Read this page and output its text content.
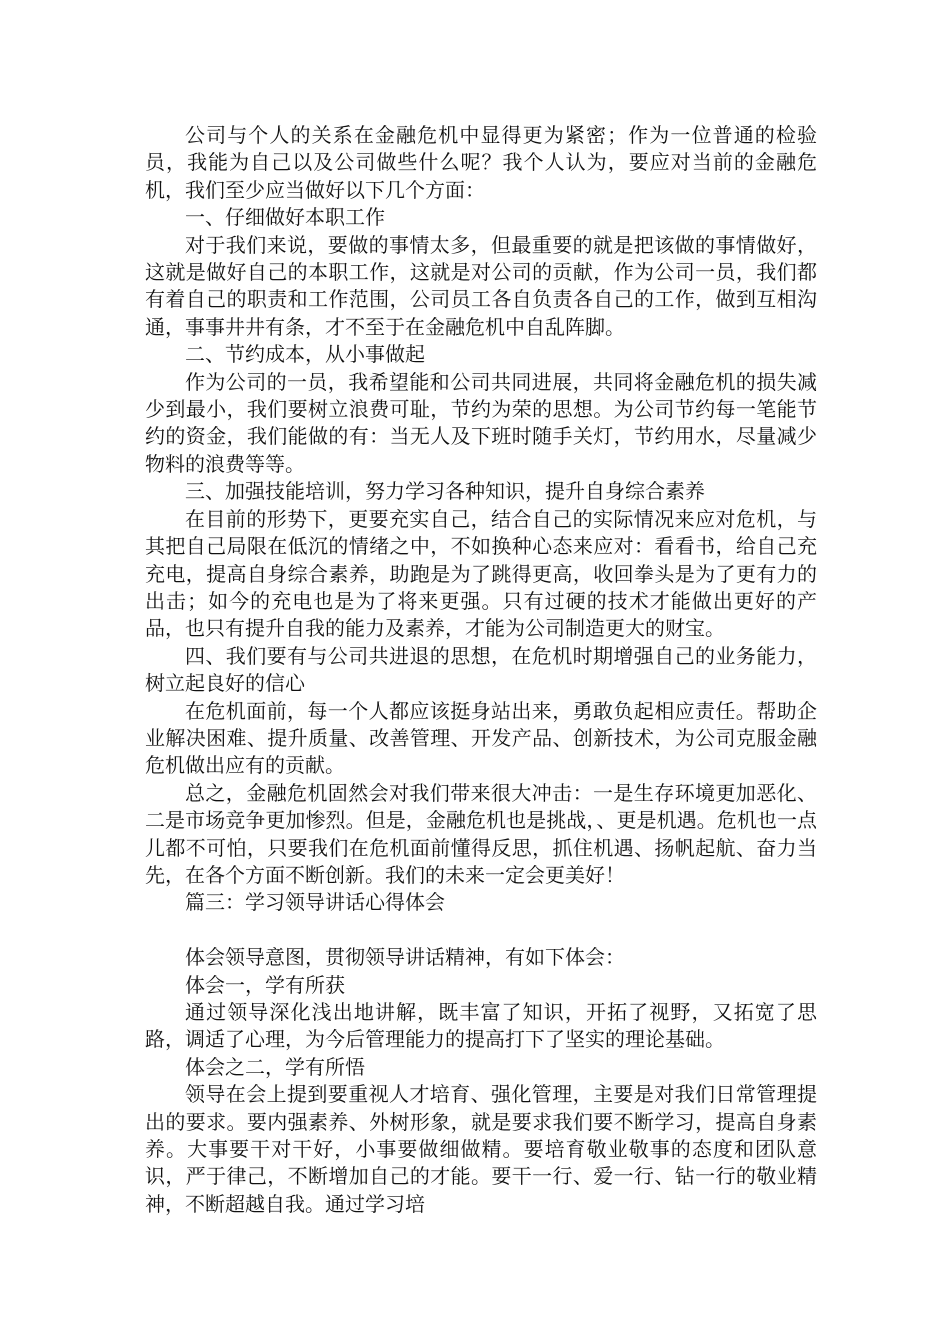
公司与个人的关系在金融危机中显得更为紧密；作为一位普通的检验员，我能为自己以及公司做些什么呢？我个人认为，要应对当前的金融危机，我们至少应当做好以下几个方面：

一、仔细做好本职工作

对于我们来说，要做的事情太多，但最重要的就是把该做的事情做好，这就是做好自己的本职工作，这就是对公司的贡献，作为公司一员，我们都有着自己的职责和工作范围，公司员工各自负责各自己的工作，做到互相沟通，事事井井有条，才不至于在金融危机中自乱阵脚。

二、节约成本，从小事做起

作为公司的一员，我希望能和公司共同进展，共同将金融危机的损失减少到最小，我们要树立浪费可耻，节约为荣的思想。为公司节约每一笔能节约的资金，我们能做的有：当无人及下班时随手关灯，节约用水，尽量减少物料的浪费等等。

三、加强技能培训，努力学习各种知识，提升自身综合素养

在目前的形势下，更要充实自己，结合自己的实际情况来应对危机，与其把自己局限在低沉的情绪之中，不如换种心态来应对：看看书，给自己充充电，提高自身综合素养，助跑是为了跳得更高，收回拳头是为了更有力的出击；如今的充电也是为了将来更强。只有过硬的技术才能做出更好的产品，也只有提升自我的能力及素养，才能为公司制造更大的财宝。

四、我们要有与公司共进退的思想，在危机时期增强自己的业务能力，树立起良好的信心

在危机面前，每一个人都应该挺身站出来，勇敢负起相应责任。帮助企业解决困难、提升质量、改善管理、开发产品、创新技术，为公司克服金融危机做出应有的贡献。

总之，金融危机固然会对我们带来很大冲击：一是生存环境更加恶化、二是市场竞争更加惨烈。但是，金融危机也是挑战，、更是机遇。危机也一点儿都不可怕，只要我们在危机面前懂得反思，抓住机遇、扬帆起航、奋力当先，在各个方面不断创新。我们的未来一定会更美好！

篇三：学习领导讲话心得体会

体会领导意图，贯彻领导讲话精神，有如下体会：

体会一，学有所获

通过领导深化浅出地讲解，既丰富了知识，开拓了视野，又拓宽了思路，调适了心理，为今后管理能力的提高打下了坚实的理论基础。

体会之二，学有所悟

领导在会上提到要重视人才培育、强化管理，主要是对我们日常管理提出的要求。要内强素养、外树形象，就是要求我们要不断学习，提高自身素养。大事要干对干好，小事要做细做精。要培育敬业敬事的态度和团队意识，严于律己，不断增加自己的才能。要干一行、爱一行、钻一行的敬业精神，不断超越自我。通过学习培
